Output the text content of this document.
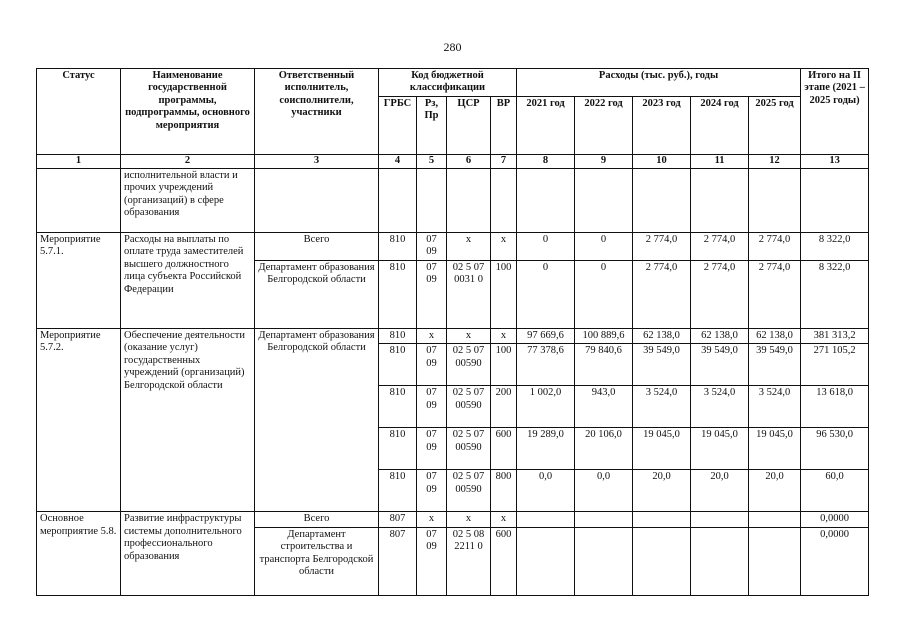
280
Статус	Наименование государственной программы, подпрограммы, основного мероприятия	Ответственный исполнитель, соисполнители, участники	Код бюджетной классификации				Расходы (тыс. руб.), годы					Итого на II этапе (2021 – 2025 годы)
			ГРБС	Рз, Пр	ЦСР	ВР	2021 год	2022 год	2023 год	2024 год	2025 год	
1	2	3	4	5	6	7	8	9	10	11	12	13
	исполнительной власти и прочих учреждений (организаций) в сфере образования											
Мероприятие 5.7.1.	Расходы на выплаты по оплате труда заместителей высшего должностного лица субъекта Российской Федерации	Всего	810	07 09	х	х	0	0	2 774,0	2 774,0	2 774,0	8 322,0
		Департамент образования Белгородской области	810	07 09	02 5 07 0031 0	100	0	0	2 774,0	2 774,0	2 774,0	8 322,0
Мероприятие 5.7.2.	Обеспечение деятельности (оказание услуг) государственных учреждений (организаций) Белгородской области	Департамент образования Белгородской области	810	х	х	х	97 669,6	100 889,6	62 138,0	62 138,0	62 138,0	381 313,2
			810	07 09	02 5 07 00590	100	77 378,6	79 840,6	39 549,0	39 549,0	39 549,0	271 105,2
			810	07 09	02 5 07 00590	200	1 002,0	943,0	3 524,0	3 524,0	3 524,0	13 618,0
			810	07 09	02 5 07 00590	600	19 289,0	20 106,0	19 045,0	19 045,0	19 045,0	96 530,0
			810	07 09	02 5 07 00590	800	0,0	0,0	20,0	20,0	20,0	60,0
Основное мероприятие 5.8.	Развитие инфраструктуры системы дополнительного профессионального образования	Всего	807	х	х	х						0,0000
		Департамент строительства и транспорта Белгородской области	807	07 09	02 5 08 2211 0	600						0,0000
